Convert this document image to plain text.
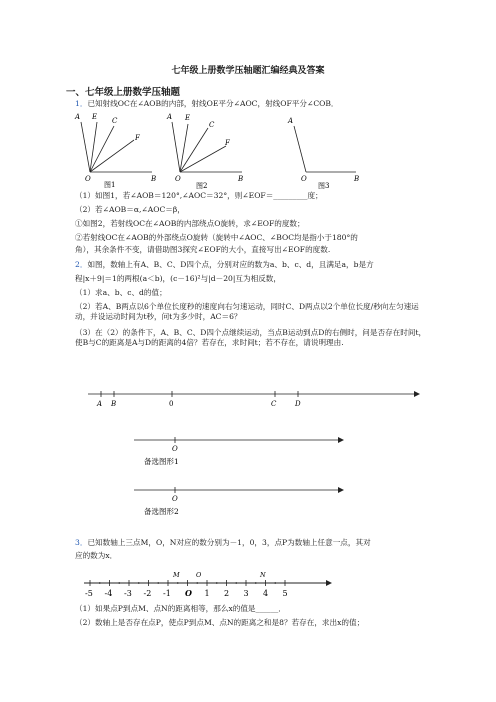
七年级上册数学压轴题汇编经典及答案
一、七年级上册数学压轴题
1．已知射线OC在∠AOB的内部，射线OE平分∠AOC，射线OF平分∠COB．
A E C
F
O	B
图1
A E
C
F
O	B
图2
A
O	B
图3
（1）如图1，若∠AOB＝120°,∠AOC＝32°，则∠EOF＝_________度；
（2）若∠AOB＝α,∠AOC＝β，
①如图2，若射线OC在∠AOB的内部绕点O旋转，求∠EOF的度数；
②若射线OC在∠AOB的外部绕点O旋转（旋转中∠AOC、∠BOC均是指小于180°的
角），其余条件不变，请借助图3探究∠EOF的大小，直接写出∠EOF的度数.
2．如图，数轴上有A、B、C、D四个点，分别对应的数为a、b、c、d，且满足a，b是方
程|x＋9|＝1的两根(a＜b)，(c－16)²与|d－20|互为相反数，
（1）求a、b、c、d的值；
（2）若A、B两点以6个单位长度秒的速度向右匀速运动，同时C、D两点以2个单位长度/秒向左匀速运动，并设运动时间为t秒，问t为多少时，AC＝6？
（3）在（2）的条件下，A、B、C、D四个点继续运动，当点B运动到点D的右侧时，问是否存在时间t，使B与C的距离是A与D的距离的4倍？若存在，求时间t；若不存在，请说明理由.
A B	0	C	D
O
备选图形1
O
备选图形2
3．已知数轴上三点M，O，N对应的数分别为－1，0，3，点P为数轴上任意一点，其对
应的数为x．
-5 -4 -3 -2 -1 O 1 2 3 4 5
M	O	N
（1）如果点P到点M、点N的距离相等，那么x的值是______．
（2）数轴上是否存在点P，使点P到点M、点N的距离之和是8？若存在，求出x的值；
